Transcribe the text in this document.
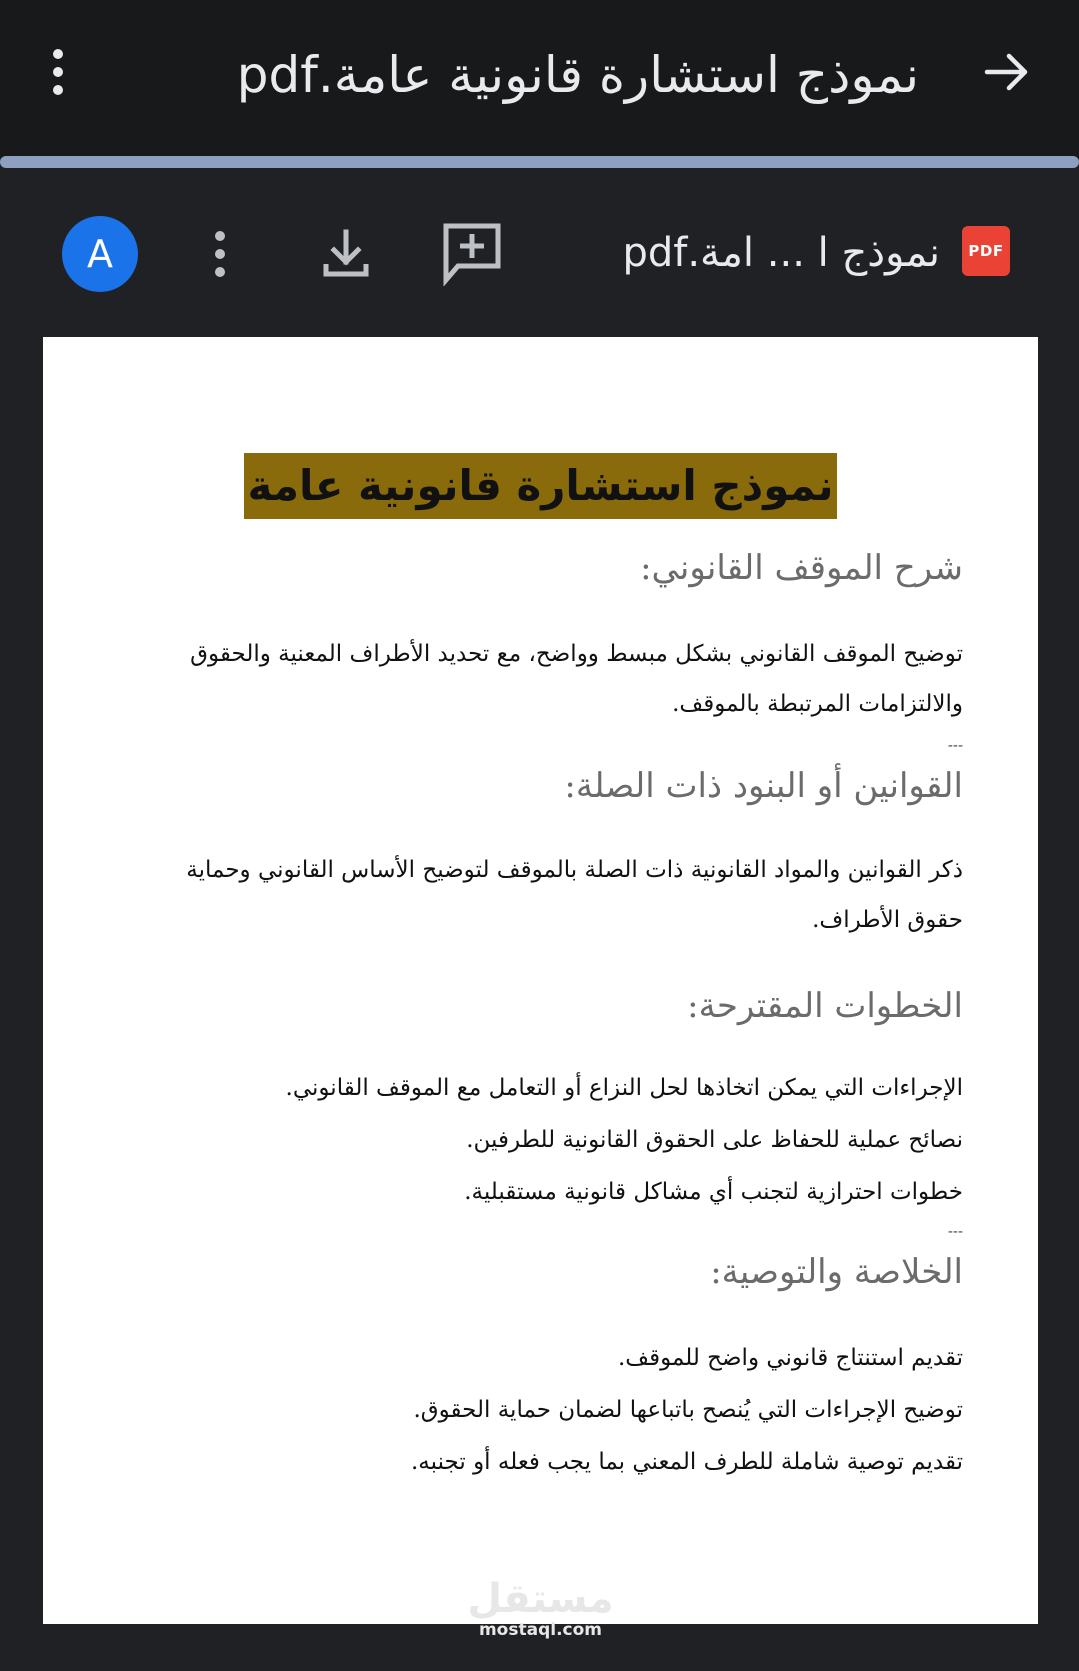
نموذج استشارة قانونية عامة.pdf
A	نموذج ا ... امة.pdf	PDF
نموذج استشارة قانونية عامة
شرح الموقف القانوني:
توضيح الموقف القانوني بشكل مبسط وواضح، مع تحديد الأطراف المعنية والحقوق والالتزامات المرتبطة بالموقف.
---
القوانين أو البنود ذات الصلة:
ذكر القوانين والمواد القانونية ذات الصلة بالموقف لتوضيح الأساس القانوني وحماية حقوق الأطراف.
الخطوات المقترحة:
الإجراءات التي يمكن اتخاذها لحل النزاع أو التعامل مع الموقف القانوني.
نصائح عملية للحفاظ على الحقوق القانونية للطرفين.
خطوات احترازية لتجنب أي مشاكل قانونية مستقبلية.
---
الخلاصة والتوصية:
تقديم استنتاج قانوني واضح للموقف.
توضيح الإجراءات التي يُنصح باتباعها لضمان حماية الحقوق.
تقديم توصية شاملة للطرف المعني بما يجب فعله أو تجنبه.
مستقل
mostaql.com
